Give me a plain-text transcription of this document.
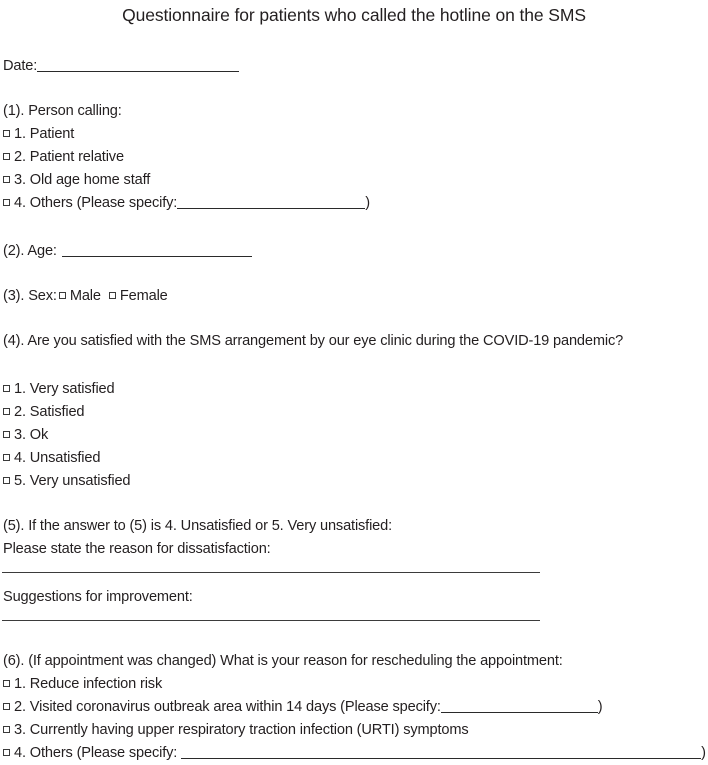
Questionnaire for patients who called the hotline on the SMS
Date:
(1). Person calling:
1. Patient
2. Patient relative
3. Old age home staff
4. Others (Please specify:	)
(2). Age:
(3). Sex: Male Female
(4). Are you satisfied with the SMS arrangement by our eye clinic during the COVID-19 pandemic?
1. Very satisfied
2. Satisfied
3. Ok
4. Unsatisfied
5. Very unsatisfied
(5). If the answer to (5) is 4. Unsatisfied or 5. Very unsatisfied:
Please state the reason for dissatisfaction:
Suggestions for improvement:
(6). (If appointment was changed) What is your reason for rescheduling the appointment:
1. Reduce infection risk
2. Visited coronavirus outbreak area within 14 days (Please specify:	)
3. Currently having upper respiratory traction infection (URTI) symptoms
4. Others (Please specify:	)
